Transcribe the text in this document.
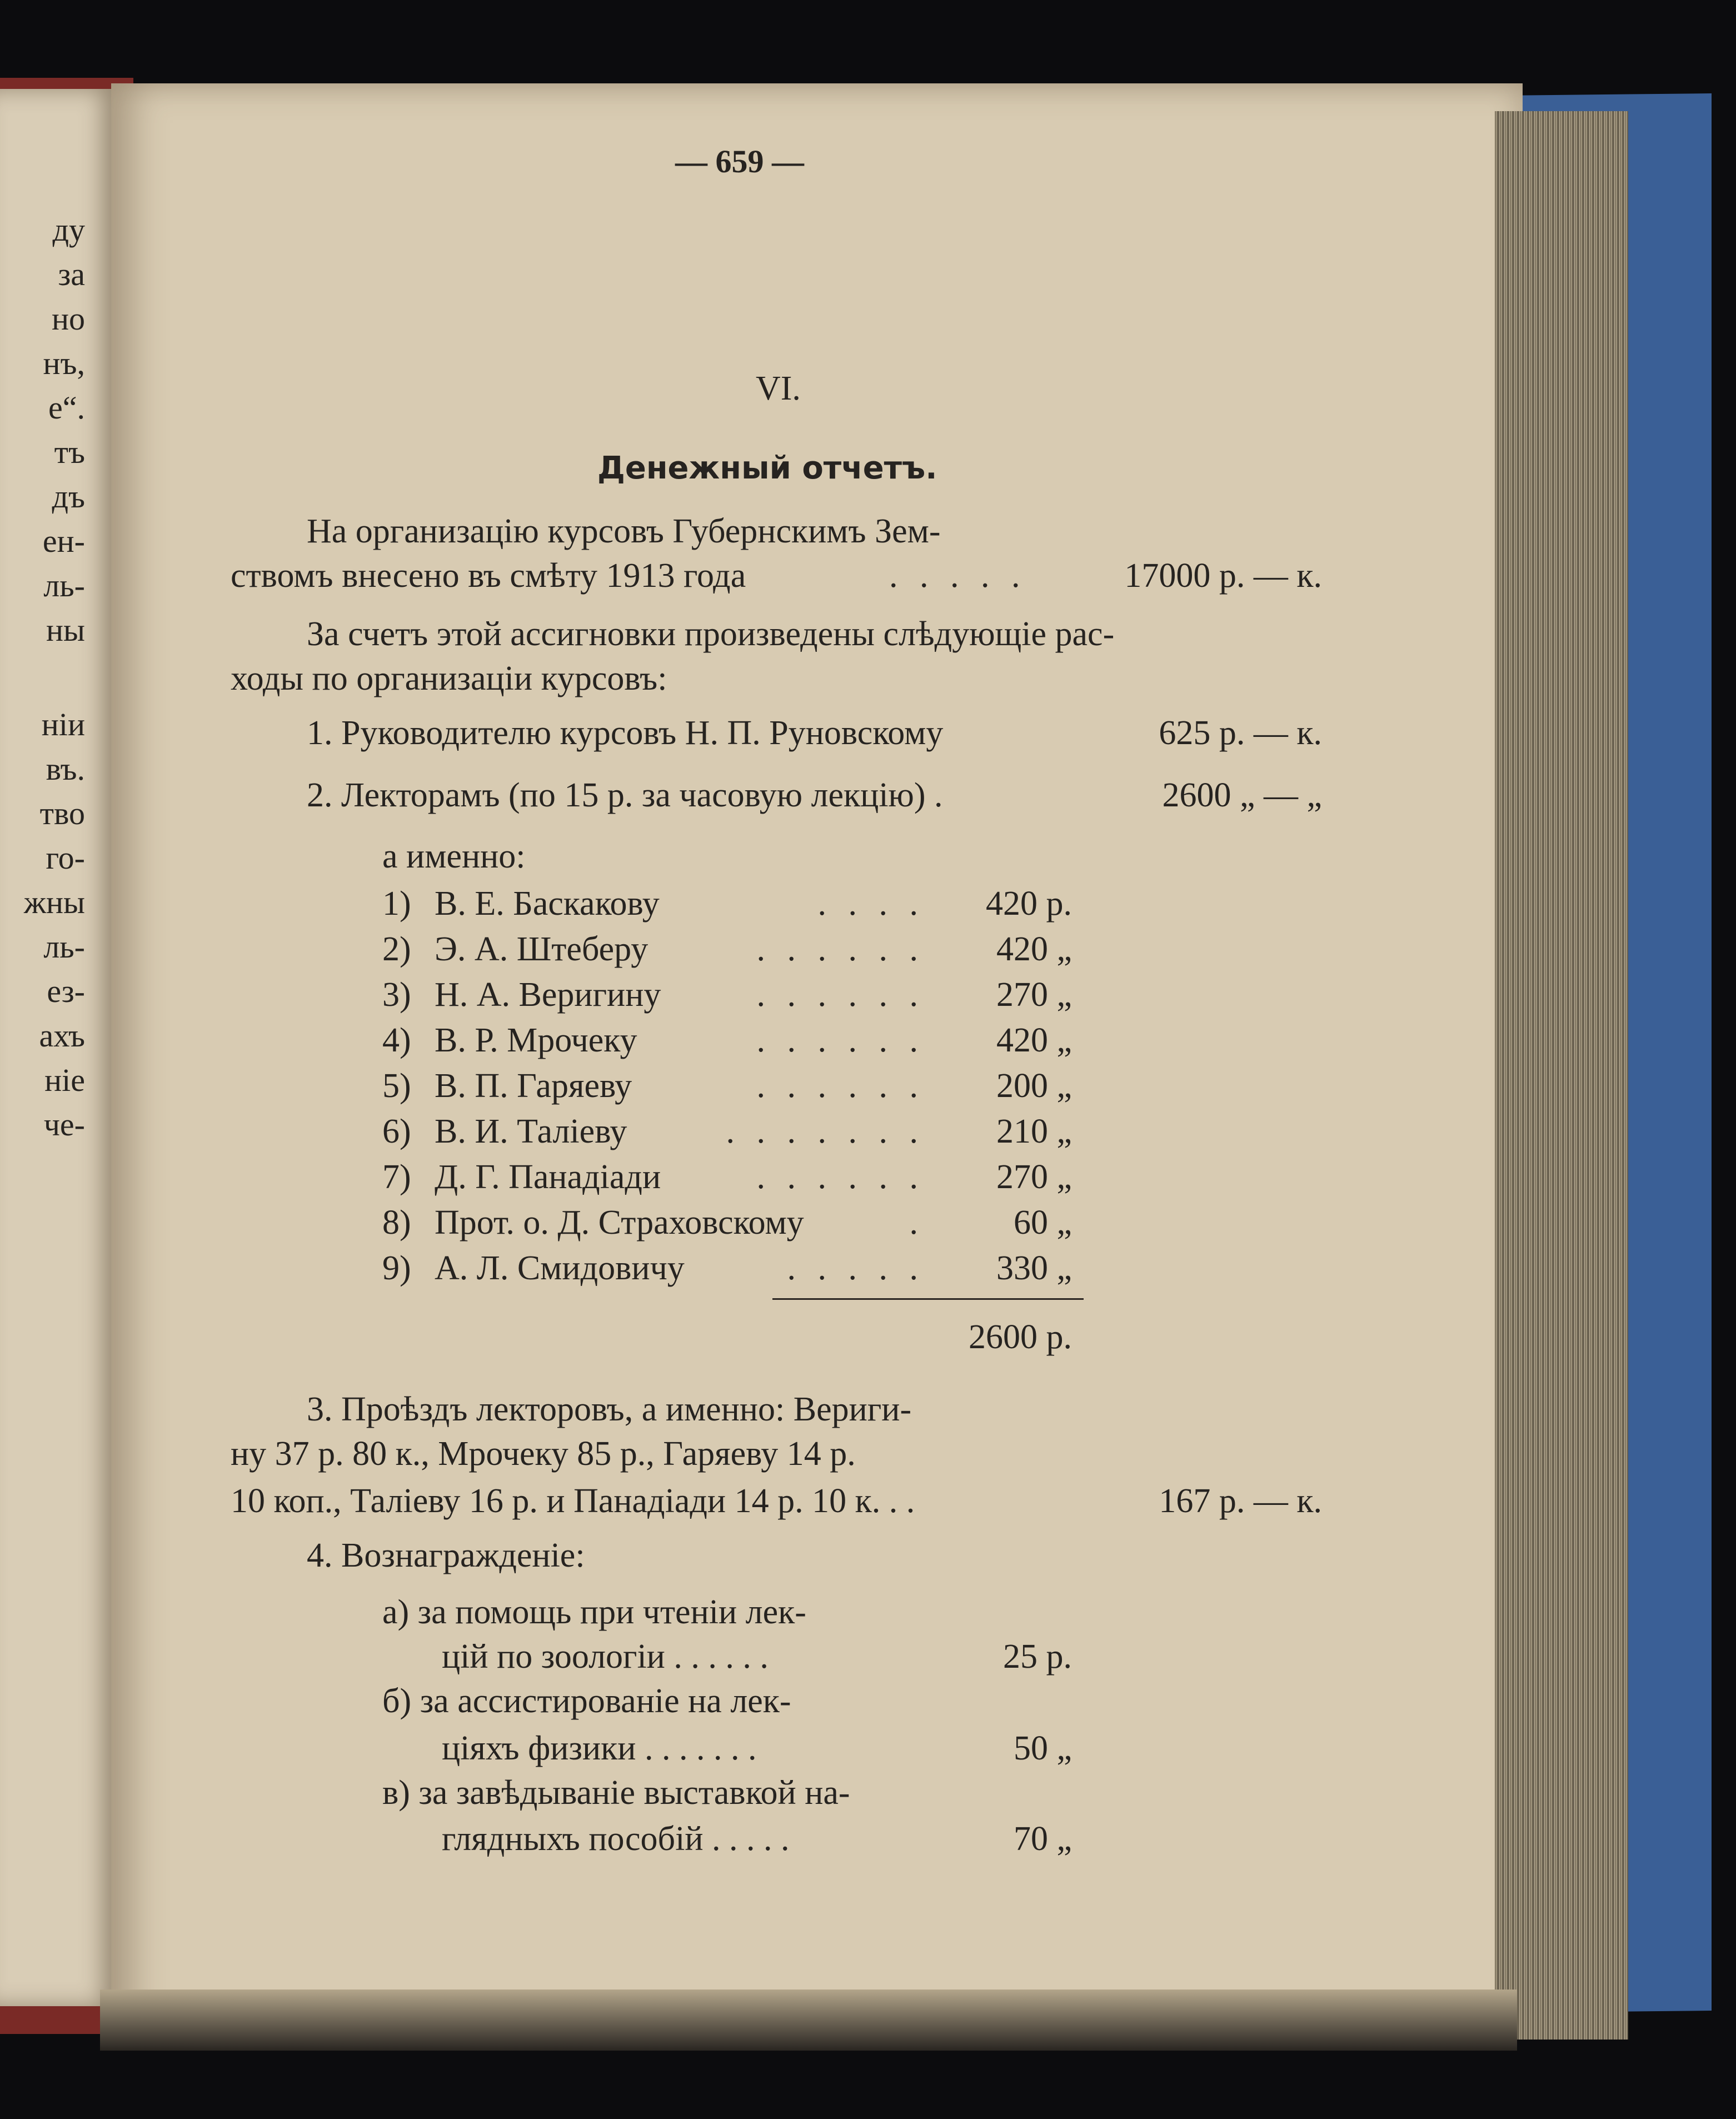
ду
за
но
нъ,
е“.
тъ
дъ
ен-
ль-
ны
ніи
въ.
тво
го-
жны
ль-
ез-
ахъ
ніе
че-
— 659 —
VI.
Денежный отчетъ.
На организацію курсовъ Губернскимъ Зем-
ствомъ внесено въ смѣту 1913 года	. . . . .	17000 р. — к.
За счетъ этой ассигновки произведены слѣдующіе рас-
ходы по организаціи курсовъ:
1. Руководителю курсовъ Н. П. Руновскому	625 р. — к.
2. Лекторамъ (по 15 р. за часовую лекцію) .	2600 „ — „
а именно:
1) В. Е. Баскакову	. . . . 420 р.
2) Э. А. Штеберу	. . . . . . 420 „
3) Н. А. Веригину	. . . . . . 270 „
4) В. Р. Мрочеку	. . . . . . 420 „
5) В. П. Гаряеву	. . . . . . 200 „
6) В. И. Таліеву	. . . . . . . 210 „
7) Д. Г. Панадіади	. . . . . . 270 „
8) Прот. о. Д. Страховскому	.	60 „
9) А. Л. Смидовичу	. . . . . 330 „
2600 р.
3. Проѣздъ лекторовъ, а именно: Вериги-
ну 37 р. 80 к., Мрочеку 85 р., Гаряеву 14 р.
10 коп., Таліеву 16 р. и Панадіади 14 р. 10 к. . .	167 р. — к.
4. Вознагражденіе:
а) за помощь при чтеніи лек-
цій по зоологіи . . . . . .	25 р.
б) за ассистированіе на лек-
ціяхъ физики . . . . . . .	50 „
в) за завѣдываніе выставкой на-
глядныхъ пособій . . . . .	70 „
